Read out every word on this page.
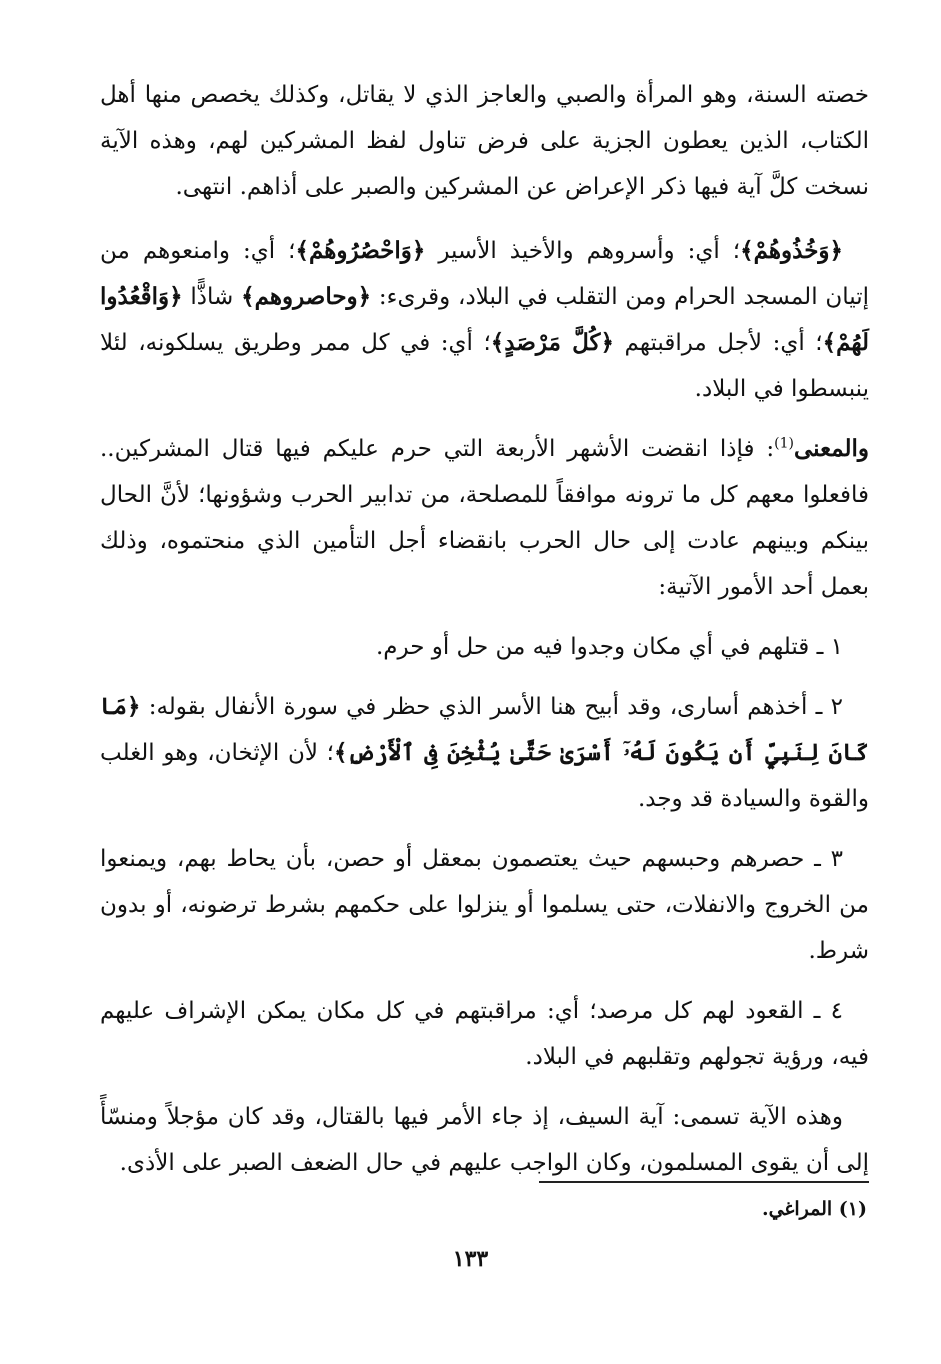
خصته السنة، وهو المرأة والصبي والعاجز الذي لا يقاتل، وكذلك يخصص منها أهل الكتاب، الذين يعطون الجزية على فرض تناول لفظ المشركين لهم، وهذه الآية نسخت كلَّ آية فيها ذكر الإعراض عن المشركين والصبر على أذاهم. انتهى.

﴿وَخُذُوهُمْ﴾؛ أي: وأسروهم والأخيذ الأسير ﴿وَاحْصُرُوهُمْ﴾؛ أي: وامنعوهم من إتيان المسجد الحرام ومن التقلب في البلاد، وقرىء: ﴿وحاصروهم﴾ شاذًّا ﴿وَاقْعُدُوا لَهُمْ﴾؛ أي: لأجل مراقبتهم ﴿كُلَّ مَرْصَدٍ﴾؛ أي: في كل ممر وطريق يسلكونه، لئلا ينبسطوا في البلاد.

والمعنى$^{(1)}$: فإذا انقضت الأشهر الأربعة التي حرم عليكم فيها قتال المشركين.. فافعلوا معهم كل ما ترونه موافقاً للمصلحة، من تدابير الحرب وشؤونها؛ لأنَّ الحال بينكم وبينهم عادت إلى حال الحرب بانقضاء أجل التأمين الذي منحتموه، وذلك بعمل أحد الأمور الآتية:

١ ـ قتلهم في أي مكان وجدوا فيه من حل أو حرم.

٢ ـ أخذهم أسارى، وقد أبيح هنا الأسر الذي حظر في سورة الأنفال بقوله: ﴿مَا كَانَ لِنَبِيٍّ أَن يَكُونَ لَهُۥٓ أَسْرَىٰ حَتَّىٰ يُثْخِنَ فِى ٱلْأَرْضِ﴾؛ لأن الإثخان، وهو الغلب والقوة والسيادة قد وجد.

٣ ـ حصرهم وحبسهم حيث يعتصمون بمعقل أو حصن، بأن يحاط بهم، ويمنعوا من الخروج والانفلات، حتى يسلموا أو ينزلوا على حكمهم بشرط ترضونه، أو بدون شرط.

٤ ـ القعود لهم كل مرصد؛ أي: مراقبتهم في كل مكان يمكن الإشراف عليهم فيه، ورؤية تجولهم وتقلبهم في البلاد.

وهذه الآية تسمى: آية السيف، إذ جاء الأمر فيها بالقتال، وقد كان مؤجلاً ومنسّأً إلى أن يقوى المسلمون، وكان الواجب عليهم في حال الضعف الصبر على الأذى.

(١) المراغي.
١٣٣
